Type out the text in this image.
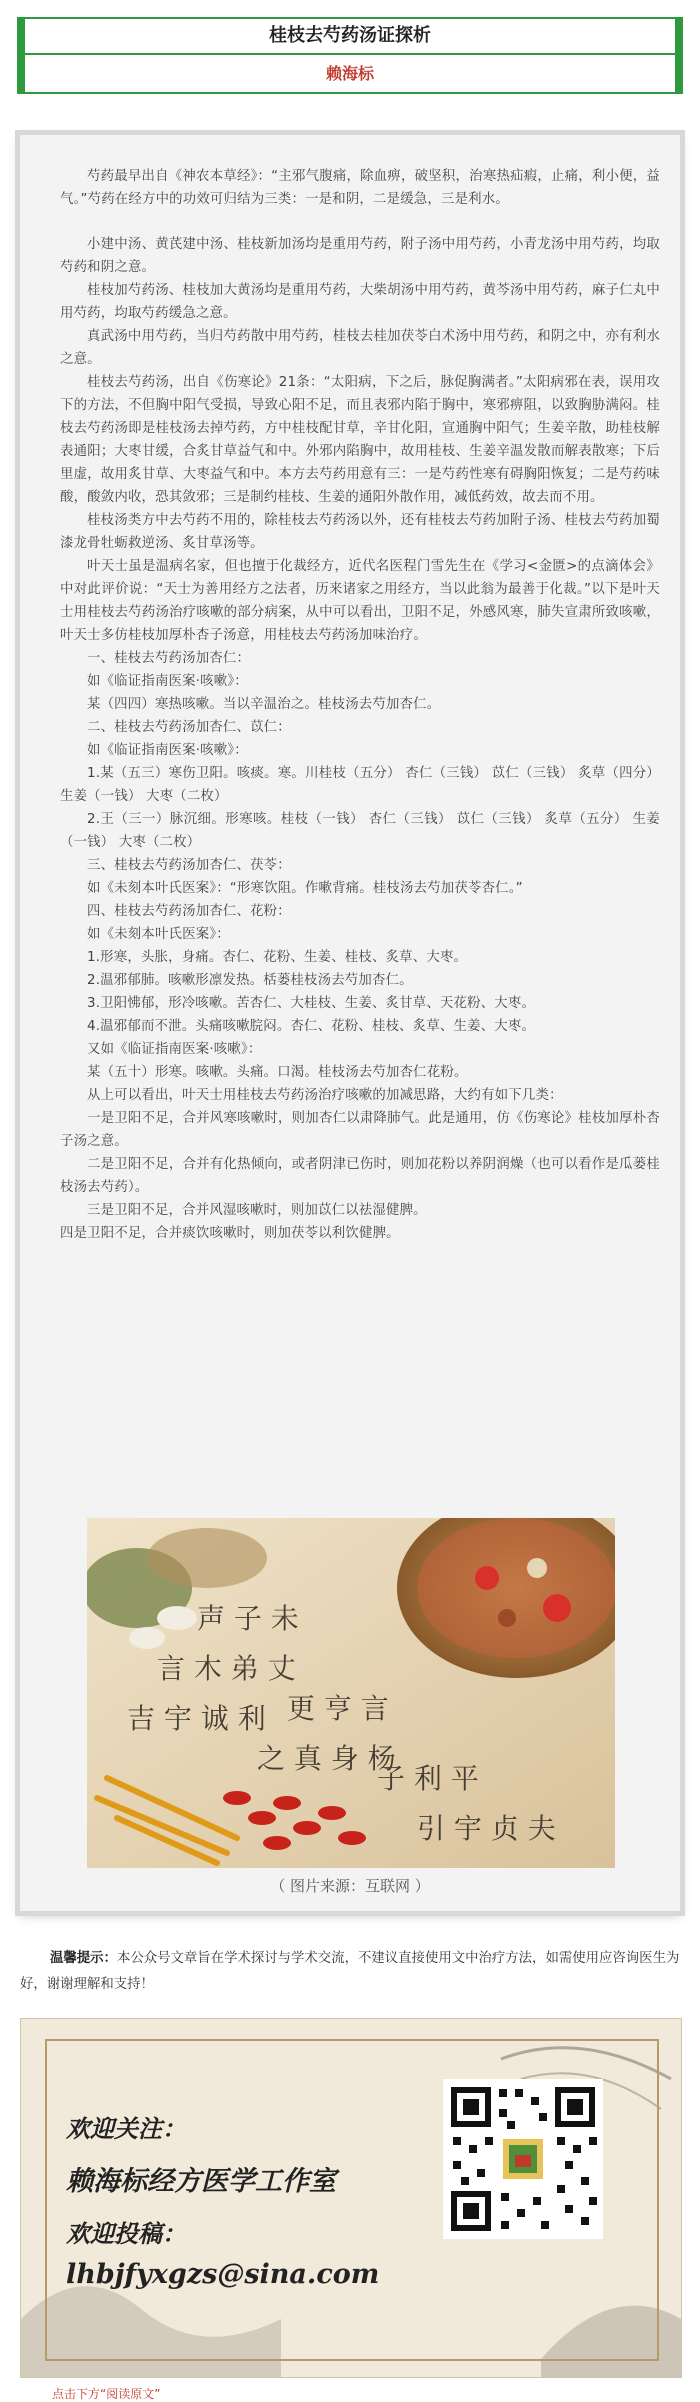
桂枝去芍药汤证探析
赖海标

芍药最早出自《神农本草经》：“主邪气腹痛，除血痹，破坚积，治寒热疝瘕，止痛，利小便，益气。”芍药在经方中的功效可归结为三类：一是和阴，二是缓急，三是利水。

小建中汤、黄芪建中汤、桂枝新加汤均是重用芍药，附子汤中用芍药，小青龙汤中用芍药，均取芍药和阴之意。

桂枝加芍药汤、桂枝加大黄汤均是重用芍药，大柴胡汤中用芍药，黄芩汤中用芍药，麻子仁丸中用芍药，均取芍药缓急之意。

真武汤中用芍药，当归芍药散中用芍药，桂枝去桂加茯苓白术汤中用芍药，和阴之中，亦有利水之意。

桂枝去芍药汤，出自《伤寒论》21条：“太阳病，下之后，脉促胸满者。”太阳病邪在表，误用攻下的方法，不但胸中阳气受损，导致心阳不足，而且表邪内陷于胸中，寒邪痹阻，以致胸胁满闷。桂枝去芍药汤即是桂枝汤去掉芍药，方中桂枝配甘草，辛甘化阳，宣通胸中阳气；生姜辛散，助桂枝解表通阳；大枣甘缓，合炙甘草益气和中。外邪内陷胸中，故用桂枝、生姜辛温发散而解表散寒；下后里虚，故用炙甘草、大枣益气和中。本方去芍药用意有三：一是芍药性寒有碍胸阳恢复；二是芍药味酸，酸敛内收，恐其敛邪；三是制约桂枝、生姜的通阳外散作用，减低药效，故去而不用。

桂枝汤类方中去芍药不用的，除桂枝去芍药汤以外，还有桂枝去芍药加附子汤、桂枝去芍药加蜀漆龙骨牡蛎救逆汤、炙甘草汤等。

叶天士虽是温病名家，但也擅于化裁经方，近代名医程门雪先生在《学习<金匮>的点滴体会》中对此评价说：“天士为善用经方之法者，历来诸家之用经方，当以此翁为最善于化裁。”以下是叶天士用桂枝去芍药汤治疗咳嗽的部分病案，从中可以看出，卫阳不足，外感风寒，肺失宣肃所致咳嗽，叶天士多仿桂枝加厚朴杏子汤意，用桂枝去芍药汤加味治疗。

一、桂枝去芍药汤加杏仁：

如《临证指南医案·咳嗽》：

某（四四）寒热咳嗽。当以辛温治之。桂枝汤去芍加杏仁。

二、桂枝去芍药汤加杏仁、苡仁：

如《临证指南医案·咳嗽》：

1.某（五三）寒伤卫阳。咳痰。寒。川桂枝（五分） 杏仁（三钱） 苡仁（三钱） 炙草（四分） 生姜（一钱） 大枣（二枚）

2.王（三一）脉沉细。形寒咳。桂枝（一钱） 杏仁（三钱） 苡仁（三钱） 炙草（五分） 生姜（一钱） 大枣（二枚）

三、桂枝去芍药汤加杏仁、茯苓：

如《未刻本叶氏医案》：“形寒饮阻。作嗽背痛。桂枝汤去芍加茯苓杏仁。”

四、桂枝去芍药汤加杏仁、花粉：

如《未刻本叶氏医案》：

1.形寒，头胀，身痛。杏仁、花粉、生姜、桂枝、炙草、大枣。

2.温邪郁肺。咳嗽形凛发热。栝蒌桂枝汤去芍加杏仁。

3.卫阳怫郁，形冷咳嗽。苦杏仁、大桂枝、生姜、炙甘草、天花粉、大枣。

4.温邪郁而不泄。头痛咳嗽脘闷。杏仁、花粉、桂枝、炙草、生姜、大枣。

又如《临证指南医案·咳嗽》：

某（五十）形寒。咳嗽。头痛。口渴。桂枝汤去芍加杏仁花粉。

从上可以看出，叶天士用桂枝去芍药汤治疗咳嗽的加减思路，大约有如下几类：

一是卫阳不足，合并风寒咳嗽时，则加杏仁以肃降肺气。此是通用，仿《伤寒论》桂枝加厚朴杏子汤之意。

二是卫阳不足，合并有化热倾向，或者阴津已伤时，则加花粉以养阴润燥（也可以看作是瓜蒌桂枝汤去芍药）。

三是卫阳不足，合并风湿咳嗽时，则加苡仁以祛湿健脾。

四是卫阳不足，合并痰饮咳嗽时，则加茯苓以利饮健脾。

声 子 未
言 木 弟 丈
吉 宇 诚 利 更 亨 言
之 真 身 杨
子 利 平
引 宇 贞 夫
（ 图片来源：互联网 ）
温馨提示：本公众号文章旨在学术探讨与学术交流，不建议直接使用文中治疗方法，如需使用应咨询医生为好，谢谢理解和支持！
欢迎关注：
赖海标经方医学工作室
欢迎投稿：
lhbjfyxgzs@sina.com
点击下方“阅读原文”
